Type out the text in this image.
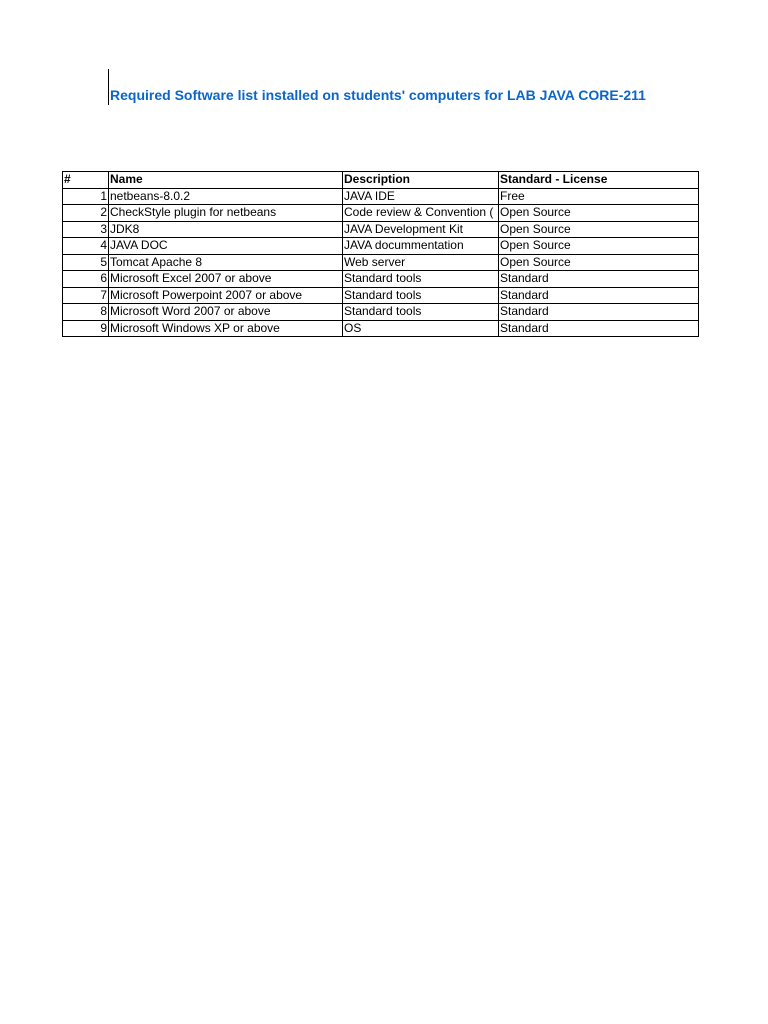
Required Software list installed on students' computers for LAB JAVA CORE-211
#	Name	Description	Standard - License
1	netbeans-8.0.2	JAVA IDE	Free
2	CheckStyle plugin for netbeans	Code review & Convention (	Open Source
3	JDK8	JAVA Development Kit	Open Source
4	JAVA DOC	JAVA docummentation	Open Source
5	Tomcat Apache 8	Web server	Open Source
6	Microsoft Excel 2007 or above	Standard tools	Standard
7	Microsoft Powerpoint 2007 or above	Standard tools	Standard
8	Microsoft Word 2007 or above	Standard tools	Standard
9	Microsoft Windows XP or above	OS	Standard
